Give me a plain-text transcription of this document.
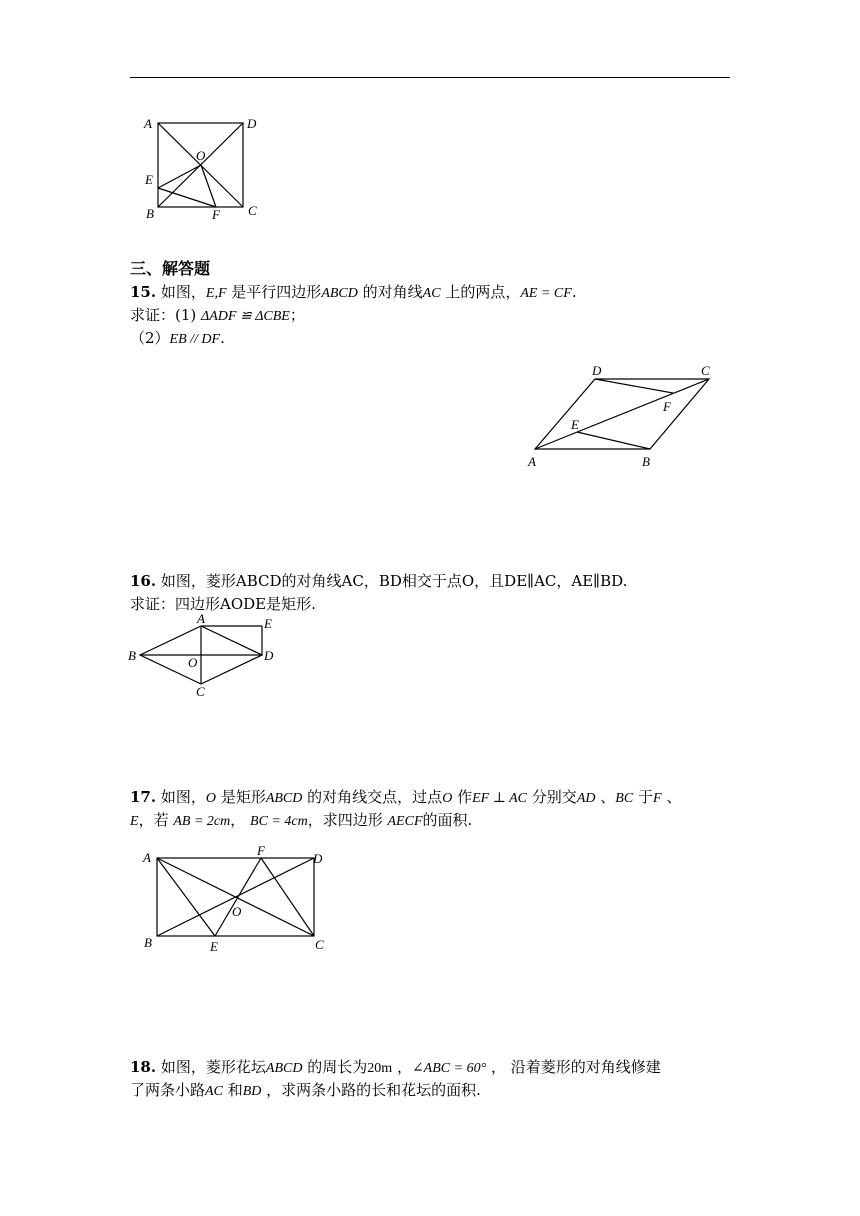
A	D
O
E
B	F C
三、解答题
15. 如图，E,F 是平行四边形ABCD 的对角线AC 上的两点，AE = CF.
求证：(1) ΔADF ≌ ΔCBE；
（2）EB // DF.
D	C
F
E
A	B
16. 如图，菱形ABCD的对角线AC，BD相交于点O，且DE∥AC，AE∥BD.
求证：四边形AODE是矩形.
A	E
B	O	D
C
17. 如图，O 是矩形ABCD 的对角线交点，过点O 作EF ⊥ AC 分别交AD 、BC 于F 、
E，若 AB = 2cm， BC = 4cm，求四边形 AECF的面积.
A	F
D
O
B	E	C
18. 如图，菱形花坛ABCD 的周长为20m ，∠ABC = 60° ， 沿着菱形的对角线修建
了两条小路AC 和BD ，求两条小路的长和花坛的面积.
